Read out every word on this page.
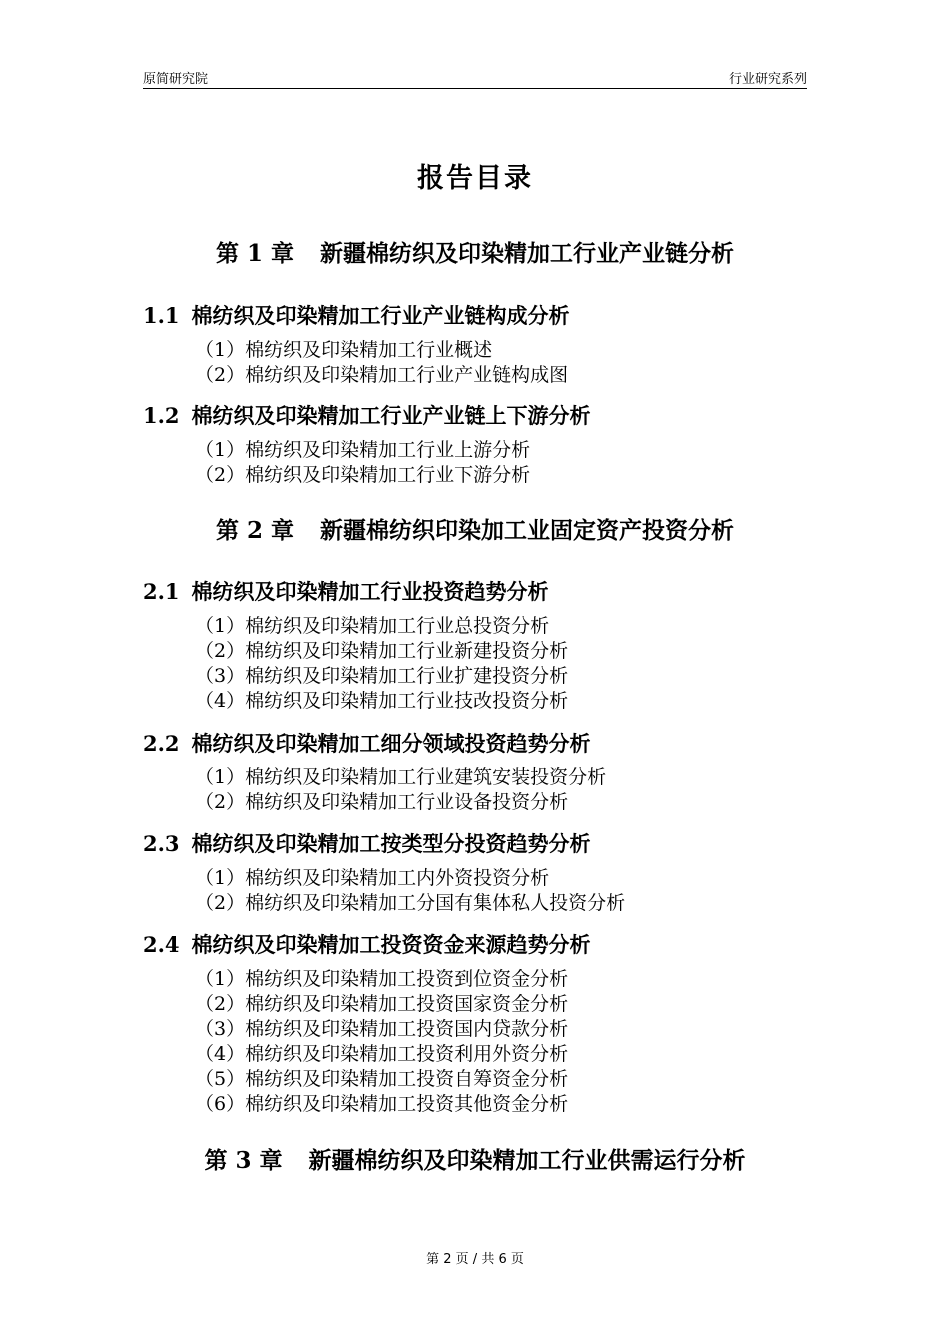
原简研究院	行业研究系列
报告目录
第 1 章 新疆棉纺织及印染精加工行业产业链分析
1.1 棉纺织及印染精加工行业产业链构成分析
（1）棉纺织及印染精加工行业概述
（2）棉纺织及印染精加工行业产业链构成图
1.2 棉纺织及印染精加工行业产业链上下游分析
（1）棉纺织及印染精加工行业上游分析
（2）棉纺织及印染精加工行业下游分析
第 2 章 新疆棉纺织印染加工业固定资产投资分析
2.1 棉纺织及印染精加工行业投资趋势分析
（1）棉纺织及印染精加工行业总投资分析
（2）棉纺织及印染精加工行业新建投资分析
（3）棉纺织及印染精加工行业扩建投资分析
（4）棉纺织及印染精加工行业技改投资分析
2.2 棉纺织及印染精加工细分领域投资趋势分析
（1）棉纺织及印染精加工行业建筑安装投资分析
（2）棉纺织及印染精加工行业设备投资分析
2.3 棉纺织及印染精加工按类型分投资趋势分析
（1）棉纺织及印染精加工内外资投资分析
（2）棉纺织及印染精加工分国有集体私人投资分析
2.4 棉纺织及印染精加工投资资金来源趋势分析
（1）棉纺织及印染精加工投资到位资金分析
（2）棉纺织及印染精加工投资国家资金分析
（3）棉纺织及印染精加工投资国内贷款分析
（4）棉纺织及印染精加工投资利用外资分析
（5）棉纺织及印染精加工投资自筹资金分析
（6）棉纺织及印染精加工投资其他资金分析
第 3 章 新疆棉纺织及印染精加工行业供需运行分析
第 2 页 / 共 6 页
